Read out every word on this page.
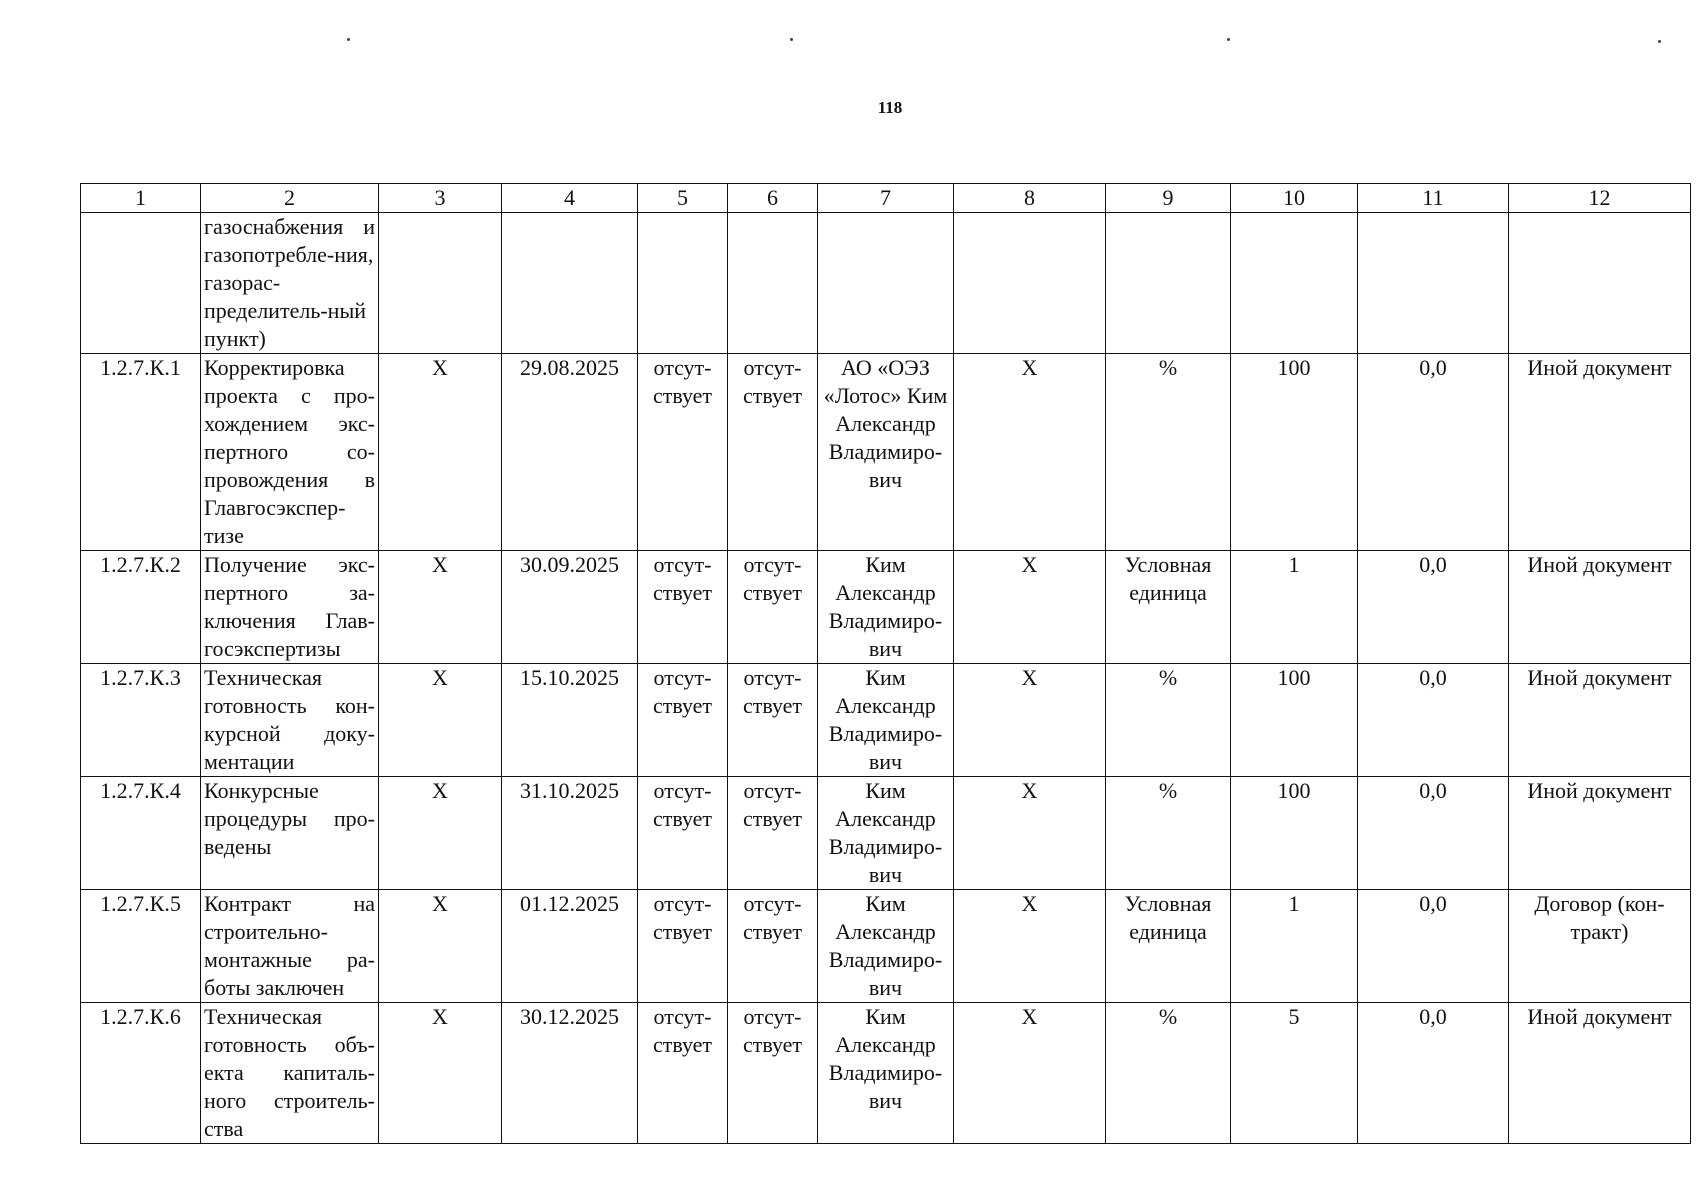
118
1	2	3	4	5	6	7	8	9	10	11	12
	газоснабжения и газопотребле-ния, газорас-пределитель-ный пункт)										
1.2.7.К.1	Корректировка проекта с про-хождением экс-пертного со-провождения в Главгосэкспер-тизе	X	29.08.2025	отсут-ствует	отсут-ствует	АО «ОЭЗ «Лотос» Ким Александр Владимиро-вич	X	%	100	0,0	Иной документ
1.2.7.К.2	Получение экс-пертного за-ключения Глав-госэкспертизы	X	30.09.2025	отсут-ствует	отсут-ствует	Ким Александр Владимиро-вич	X	Условная единица	1	0,0	Иной документ
1.2.7.К.3	Техническая готовность кон-курсной доку-ментации	X	15.10.2025	отсут-ствует	отсут-ствует	Ким Александр Владимиро-вич	X	%	100	0,0	Иной документ
1.2.7.К.4	Конкурсные процедуры про-ведены	X	31.10.2025	отсут-ствует	отсут-ствует	Ким Александр Владимиро-вич	X	%	100	0,0	Иной документ
1.2.7.К.5	Контракт на строительно-монтажные ра-боты заключен	X	01.12.2025	отсут-ствует	отсут-ствует	Ким Александр Владимиро-вич	X	Условная единица	1	0,0	Договор (кон-тракт)
1.2.7.К.6	Техническая готовность объ-екта капиталь-ного строитель-ства	X	30.12.2025	отсут-ствует	отсут-ствует	Ким Александр Владимиро-вич	X	%	5	0,0	Иной документ
